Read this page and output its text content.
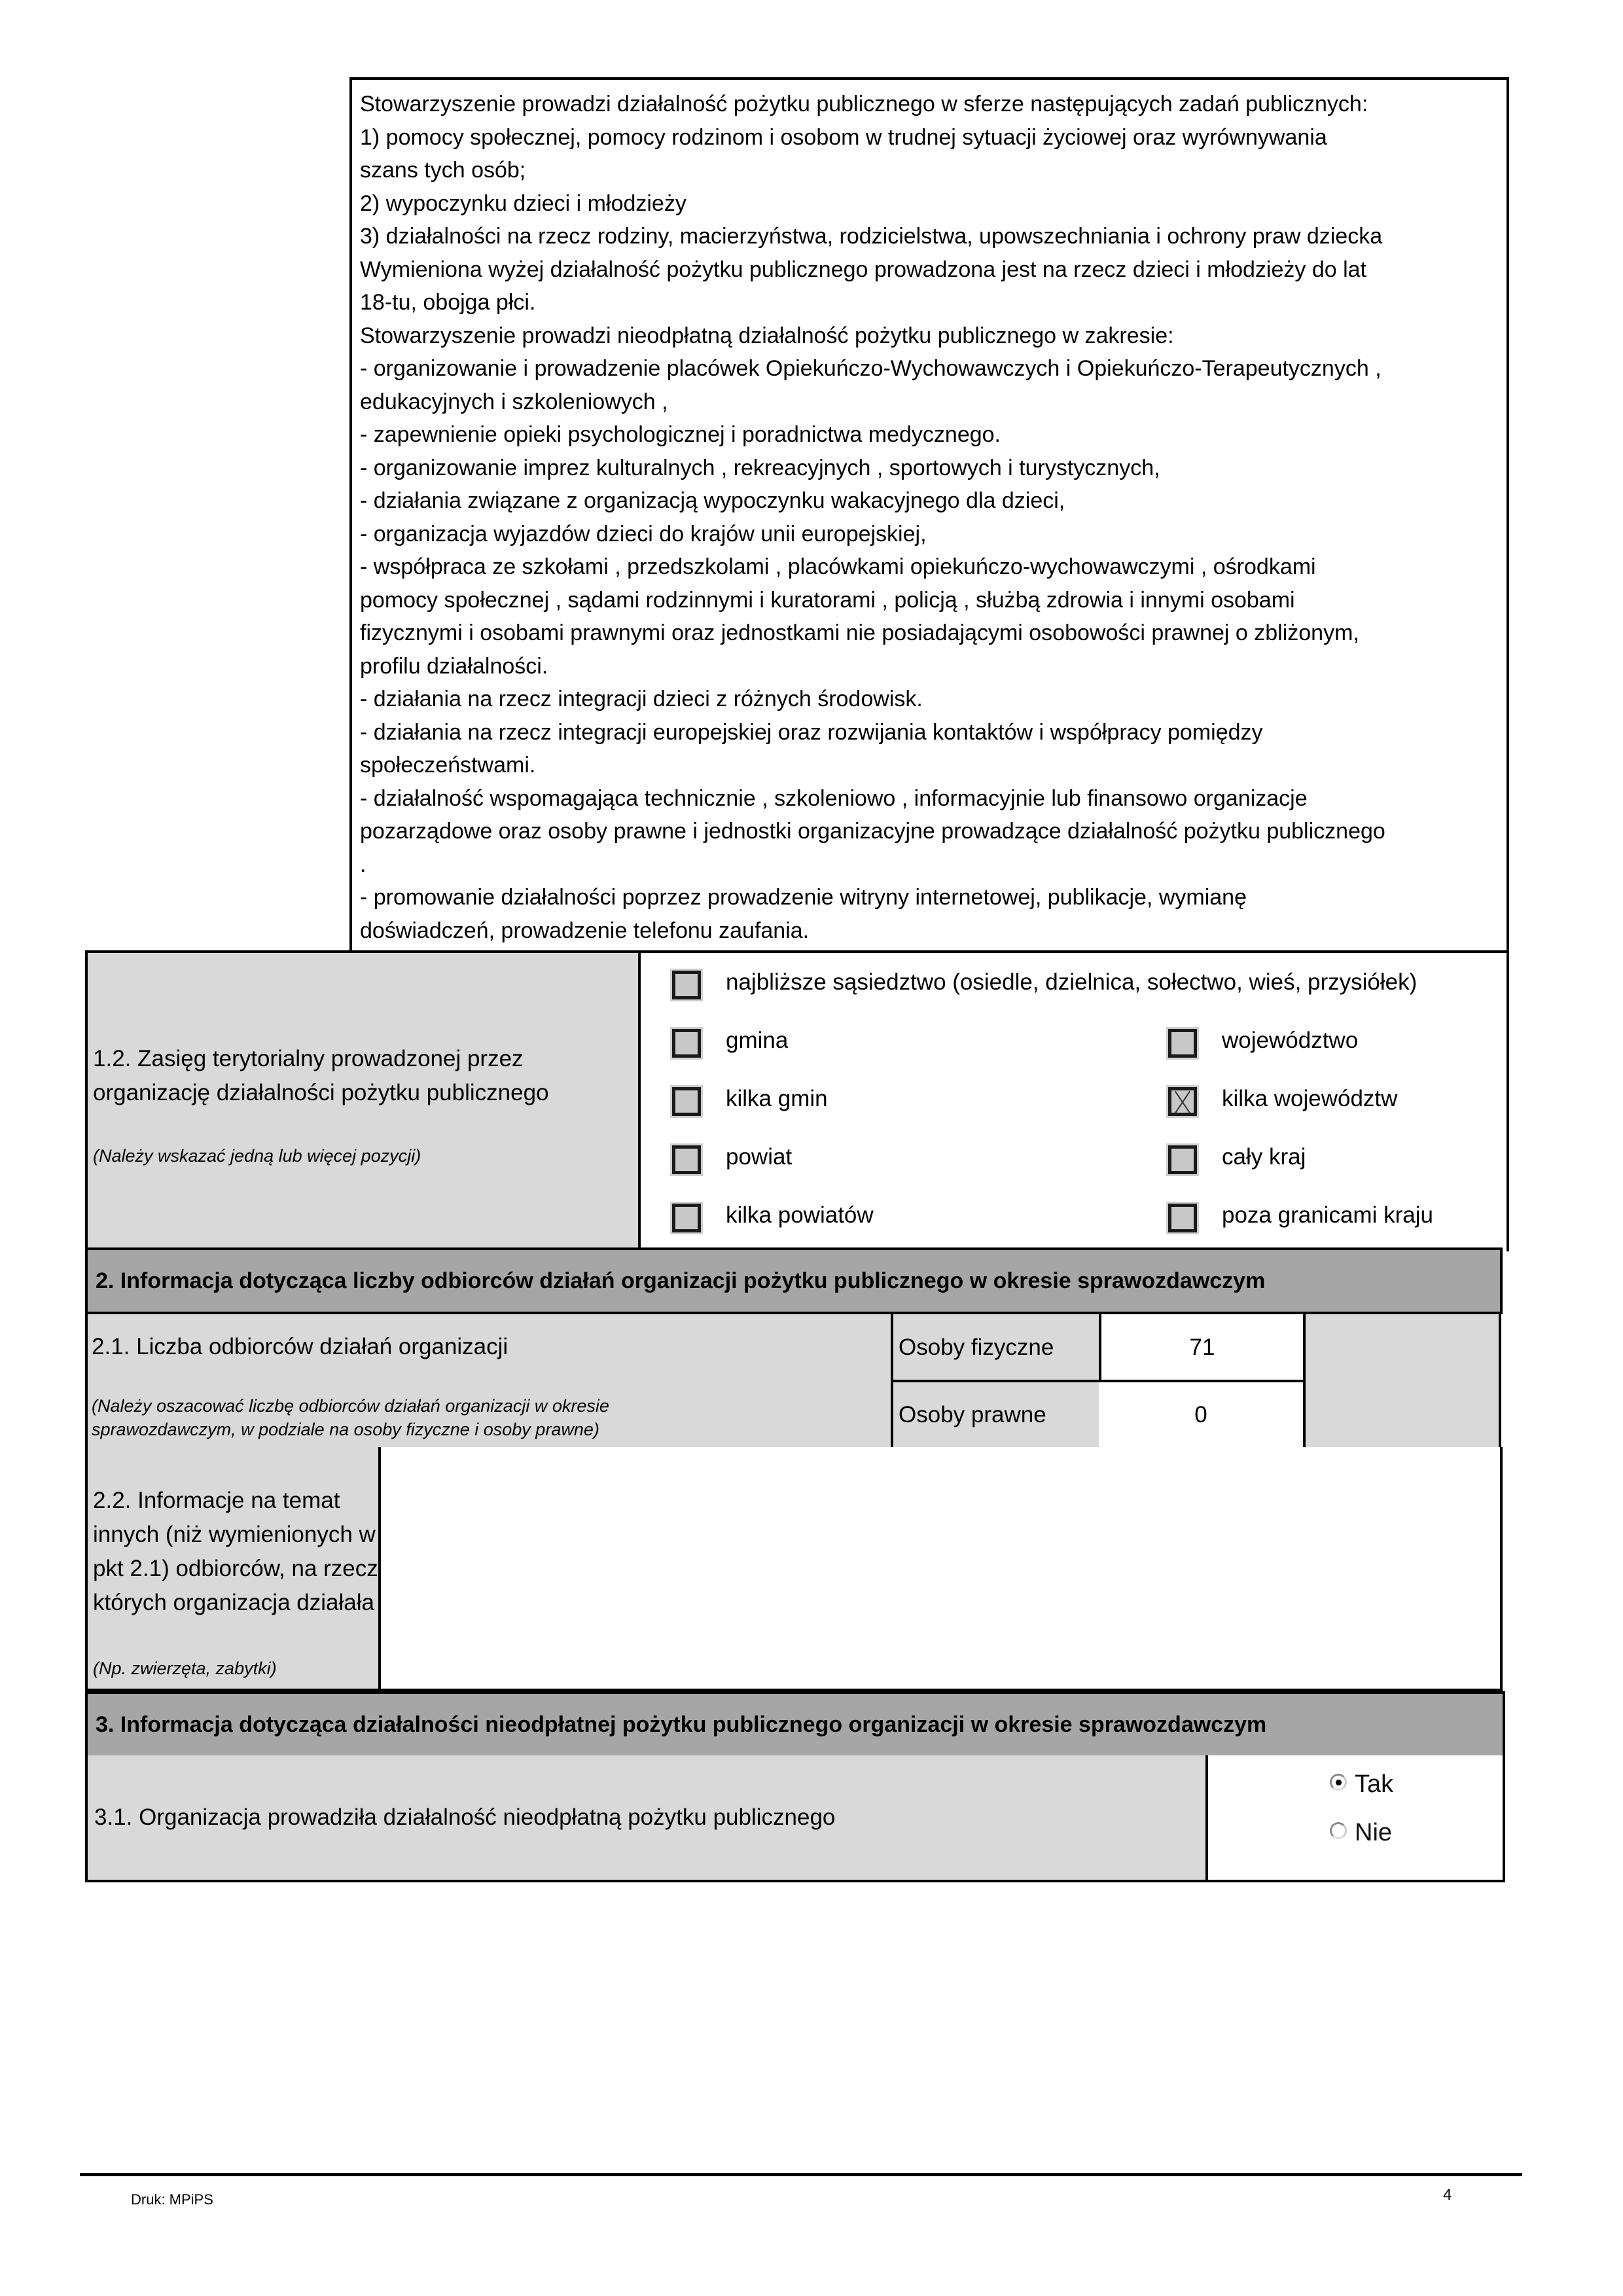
Stowarzyszenie prowadzi działalność pożytku publicznego w sferze następujących zadań publicznych:
1) pomocy społecznej, pomocy rodzinom i osobom w trudnej sytuacji życiowej oraz wyrównywania
szans tych osób;
2) wypoczynku dzieci i młodzieży
3) działalności na rzecz rodziny, macierzyństwa, rodzicielstwa, upowszechniania i ochrony praw dziecka
Wymieniona wyżej działalność pożytku publicznego prowadzona jest na rzecz dzieci i młodzieży do lat
18-tu, obojga płci.
Stowarzyszenie prowadzi nieodpłatną działalność pożytku publicznego w zakresie:
- organizowanie i prowadzenie placówek Opiekuńczo-Wychowawczych i Opiekuńczo-Terapeutycznych ,
edukacyjnych i szkoleniowych ,
- zapewnienie opieki psychologicznej i poradnictwa medycznego.
- organizowanie imprez kulturalnych , rekreacyjnych , sportowych i turystycznych,
- działania związane z organizacją wypoczynku wakacyjnego dla dzieci,
- organizacja wyjazdów dzieci do krajów unii europejskiej,
- współpraca ze szkołami , przedszkolami , placówkami opiekuńczo-wychowawczymi , ośrodkami
pomocy społecznej , sądami rodzinnymi i kuratorami , policją , służbą zdrowia i innymi osobami
fizycznymi i osobami prawnymi oraz jednostkami nie posiadającymi osobowości prawnej o zbliżonym,
profilu działalności.
- działania na rzecz integracji dzieci z różnych środowisk.
- działania na rzecz integracji europejskiej oraz rozwijania kontaktów i współpracy pomiędzy
społeczeństwami.
- działalność wspomagająca technicznie , szkoleniowo , informacyjnie lub finansowo organizacje
pozarządowe oraz osoby prawne i jednostki organizacyjne prowadzące działalność pożytku publicznego
.
- promowanie działalności poprzez prowadzenie witryny internetowej, publikacje, wymianę
doświadczeń, prowadzenie telefonu zaufania.
1.2. Zasięg terytorialny prowadzonej przez
organizację działalności pożytku publicznego
(Należy wskazać jedną lub więcej pozycji)
najbliższe sąsiedztwo (osiedle, dzielnica, sołectwo, wieś, przysiółek)
gmina	województwo
kilka gmin	kilka województw
powiat	cały kraj
kilka powiatów	poza granicami kraju
2. Informacja dotycząca liczby odbiorców działań organizacji pożytku publicznego w okresie sprawozdawczym
2.1. Liczba odbiorców działań organizacji
(Należy oszacować liczbę odbiorców działań organizacji w okresie
sprawozdawczym, w podziale na osoby fizyczne i osoby prawne)
Osoby fizyczne	71
Osoby prawne	0
2.2. Informacje na temat
innych (niż wymienionych w
pkt 2.1) odbiorców, na rzecz
których organizacja działała
(Np. zwierzęta, zabytki)
3. Informacja dotycząca działalności nieodpłatnej pożytku publicznego organizacji w okresie sprawozdawczym
3.1. Organizacja prowadziła działalność nieodpłatną pożytku publicznego
Tak
Nie
Druk: MPiPS	4
